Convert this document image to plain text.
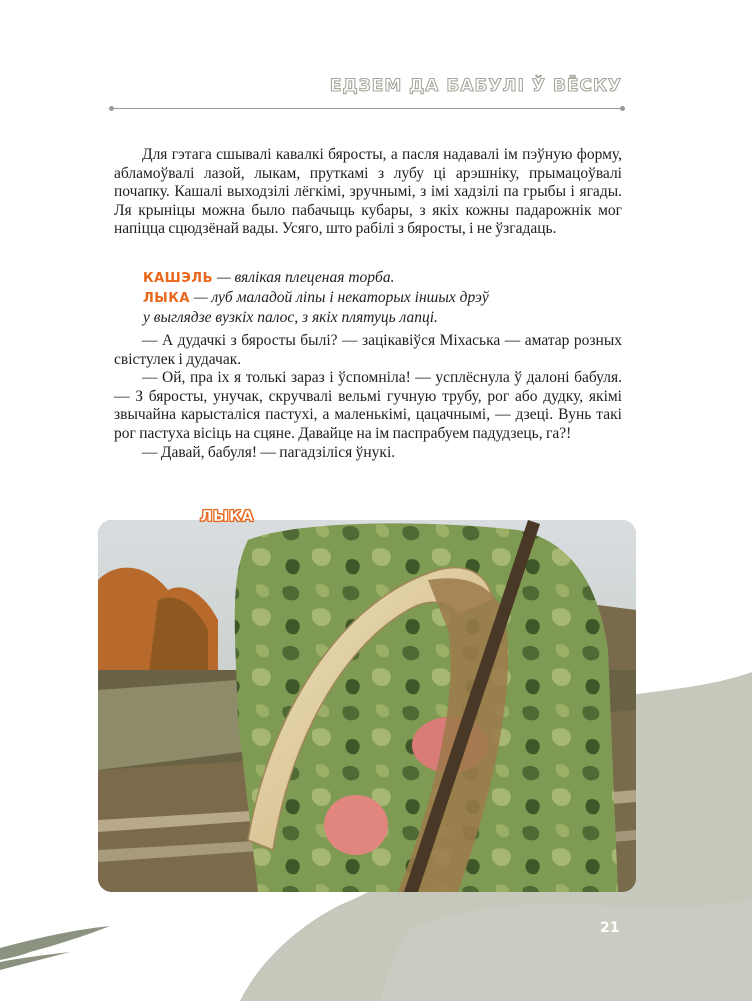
ЕДЗЕМ ДА БАБУЛІ Ў ВЁСКУ

Для гэтага сшывалі кавалкі бяросты, а пасля надавалі ім пэўную форму, абламоўвалі лазой, лыкам, пруткамі з лубу ці арэшніку, прымацоўвалі почапку. Кашалі выходзілі лёгкімі, зручнымі, з імі хадзілі па грыбы і ягады. Ля крыніцы можна было пабачыць кубары, з якіх кожны падарожнік мог напіцца сцюдзёнай вады. Усяго, што рабілі з бяросты, і не ўзгадаць.

КАШЭЛЬ — вялікая плеценая торба.
ЛЫКА — луб маладой ліпы і некаторых іншых дрэў
у выглядзе вузкіх палос, з якіх плятуць лапці.

— А дудачкі з бяросты былі? — зацікавіўся Міхаська — аматар розных свістулек і дудачак.

— Ой, пра іх я толькі зараз і ўспомніла! — усплёснула ў далоні бабуля. — З бяросты, унучак, скручвалі вельмі гучную трубу, рог або дудку, якімі звычайна карысталіся пастухі, а маленькімі, цацачнымі, — дзеці. Вунь такі рог пастуха вісіць на сцяне. Давайце на ім паспрабуем падудзець, га?!

— Давай, бабуля! — пагадзіліся ўнукі.

ЛЫКА
21
